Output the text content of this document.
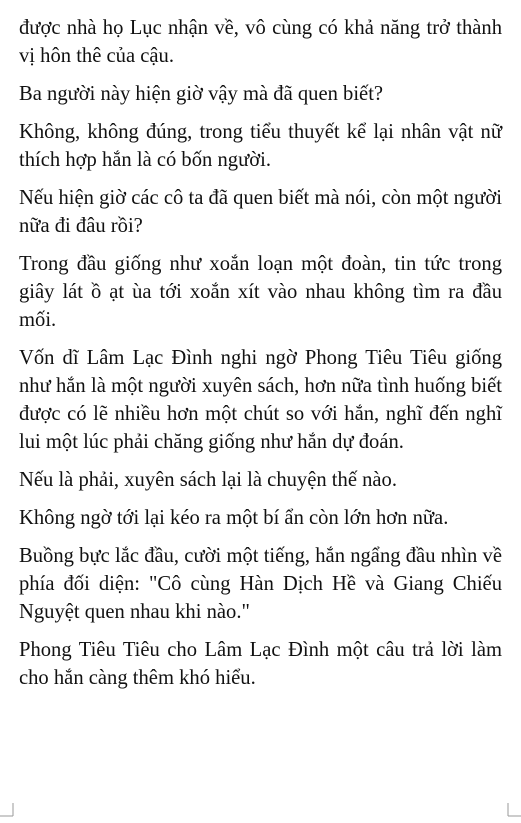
được nhà họ Lục nhận về, vô cùng có khả năng trở thành vị hôn thê của cậu.

Ba người này hiện giờ vậy mà đã quen biết?

Không, không đúng, trong tiểu thuyết kể lại nhân vật nữ thích hợp hắn là có bốn người.

Nếu hiện giờ các cô ta đã quen biết mà nói, còn một người nữa đi đâu rồi?

Trong đầu giống như xoắn loạn một đoàn, tin tức trong giây lát ồ ạt ùa tới xoắn xít vào nhau không tìm ra đầu mối.

Vốn dĩ Lâm Lạc Đình nghi ngờ Phong Tiêu Tiêu giống như hắn là một người xuyên sách, hơn nữa tình huống biết được có lẽ nhiều hơn một chút so với hắn, nghĩ đến nghĩ lui một lúc phải chăng giống như hắn dự đoán.

Nếu là phải, xuyên sách lại là chuyện thế nào.

Không ngờ tới lại kéo ra một bí ẩn còn lớn hơn nữa.

Buồng bực lắc đầu, cười một tiếng, hắn ngẩng đầu nhìn về phía đối diện: "Cô cùng Hàn Dịch Hề và Giang Chiếu Nguyệt quen nhau khi nào."

Phong Tiêu Tiêu cho Lâm Lạc Đình một câu trả lời làm cho hắn càng thêm khó hiểu.
